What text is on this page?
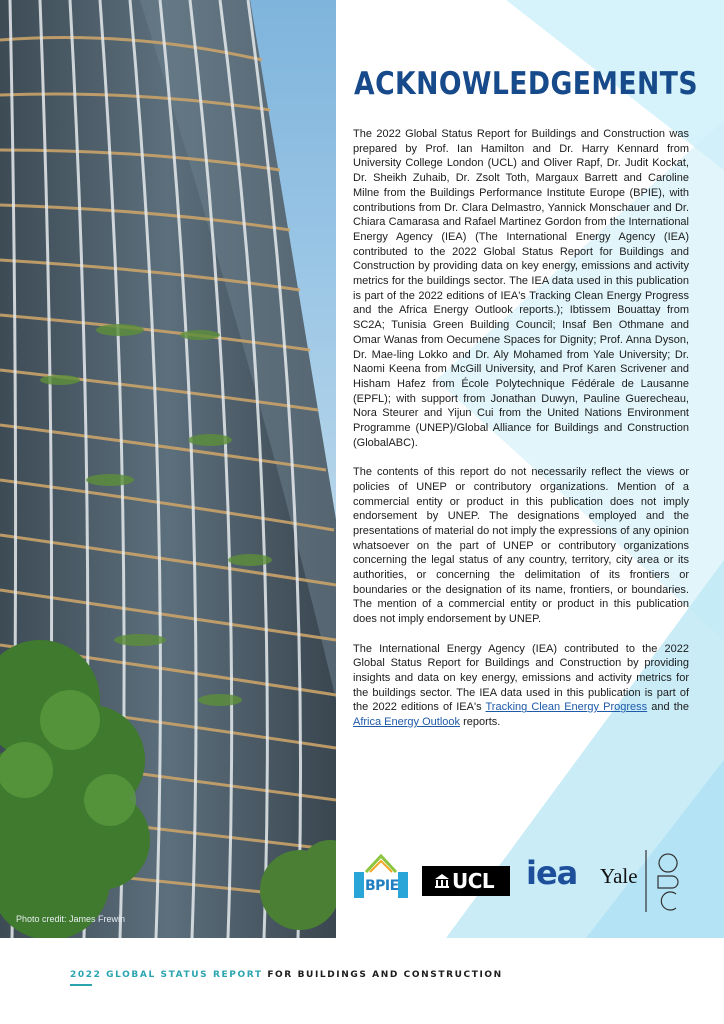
Photo credit: James Frewin
ACKNOWLEDGEMENTS

The 2022 Global Status Report for Buildings and Construction was prepared by Prof. Ian Hamilton and Dr. Harry Kennard from University College London (UCL) and Oliver Rapf, Dr. Judit Kockat, Dr. Sheikh Zuhaib, Dr. Zsolt Toth, Margaux Barrett and Caroline Milne from the Buildings Performance Institute Europe (BPIE), with contributions from Dr. Clara Delmastro, Yannick Monschauer and Dr. Chiara Camarasa and Rafael Martinez Gordon from the International Energy Agency (IEA) (The International Energy Agency (IEA) contributed to the 2022 Global Status Report for Buildings and Construction by providing data on key energy, emissions and activity metrics for the buildings sector. The IEA data used in this publication is part of the 2022 editions of IEA's Tracking Clean Energy Progress and the Africa Energy Outlook reports.); Ibtissem Bouattay from SC2A; Tunisia Green Building Council; Insaf Ben Othmane and Omar Wanas from Oecumene Spaces for Dignity; Prof. Anna Dyson, Dr. Mae-ling Lokko and Dr. Aly Mohamed from Yale University; Dr. Naomi Keena from McGill University, and Prof Karen Scrivener and Hisham Hafez from École Polytechnique Fédérale de Lausanne (EPFL); with support from Jonathan Duwyn, Pauline Guerecheau, Nora Steurer and Yijun Cui from the United Nations Environment Programme (UNEP)/Global Alliance for Buildings and Construction (GlobalABC).

The contents of this report do not necessarily reflect the views or policies of UNEP or contributory organizations. Mention of a commercial entity or product in this publication does not imply endorsement by UNEP. The designations employed and the presentations of material do not imply the expressions of any opinion whatsoever on the part of UNEP or contributory organizations concerning the legal status of any country, territory, city area or its authorities, or concerning the delimitation of its frontiers or boundaries or the designation of its name, frontiers, or boundaries. The mention of a commercial entity or product in this publication does not imply endorsement by UNEP.

The International Energy Agency (IEA) contributed to the 2022 Global Status Report for Buildings and Construction by providing insights and data on key energy, emissions and activity metrics for the buildings sector. The IEA data used in this publication is part of the 2022 editions of IEA's Tracking Clean Energy Progress and the Africa Energy Outlook reports.

BPIE	UCL iea Yale
2022 GLOBAL STATUS REPORT FOR BUILDINGS AND CONSTRUCTION
